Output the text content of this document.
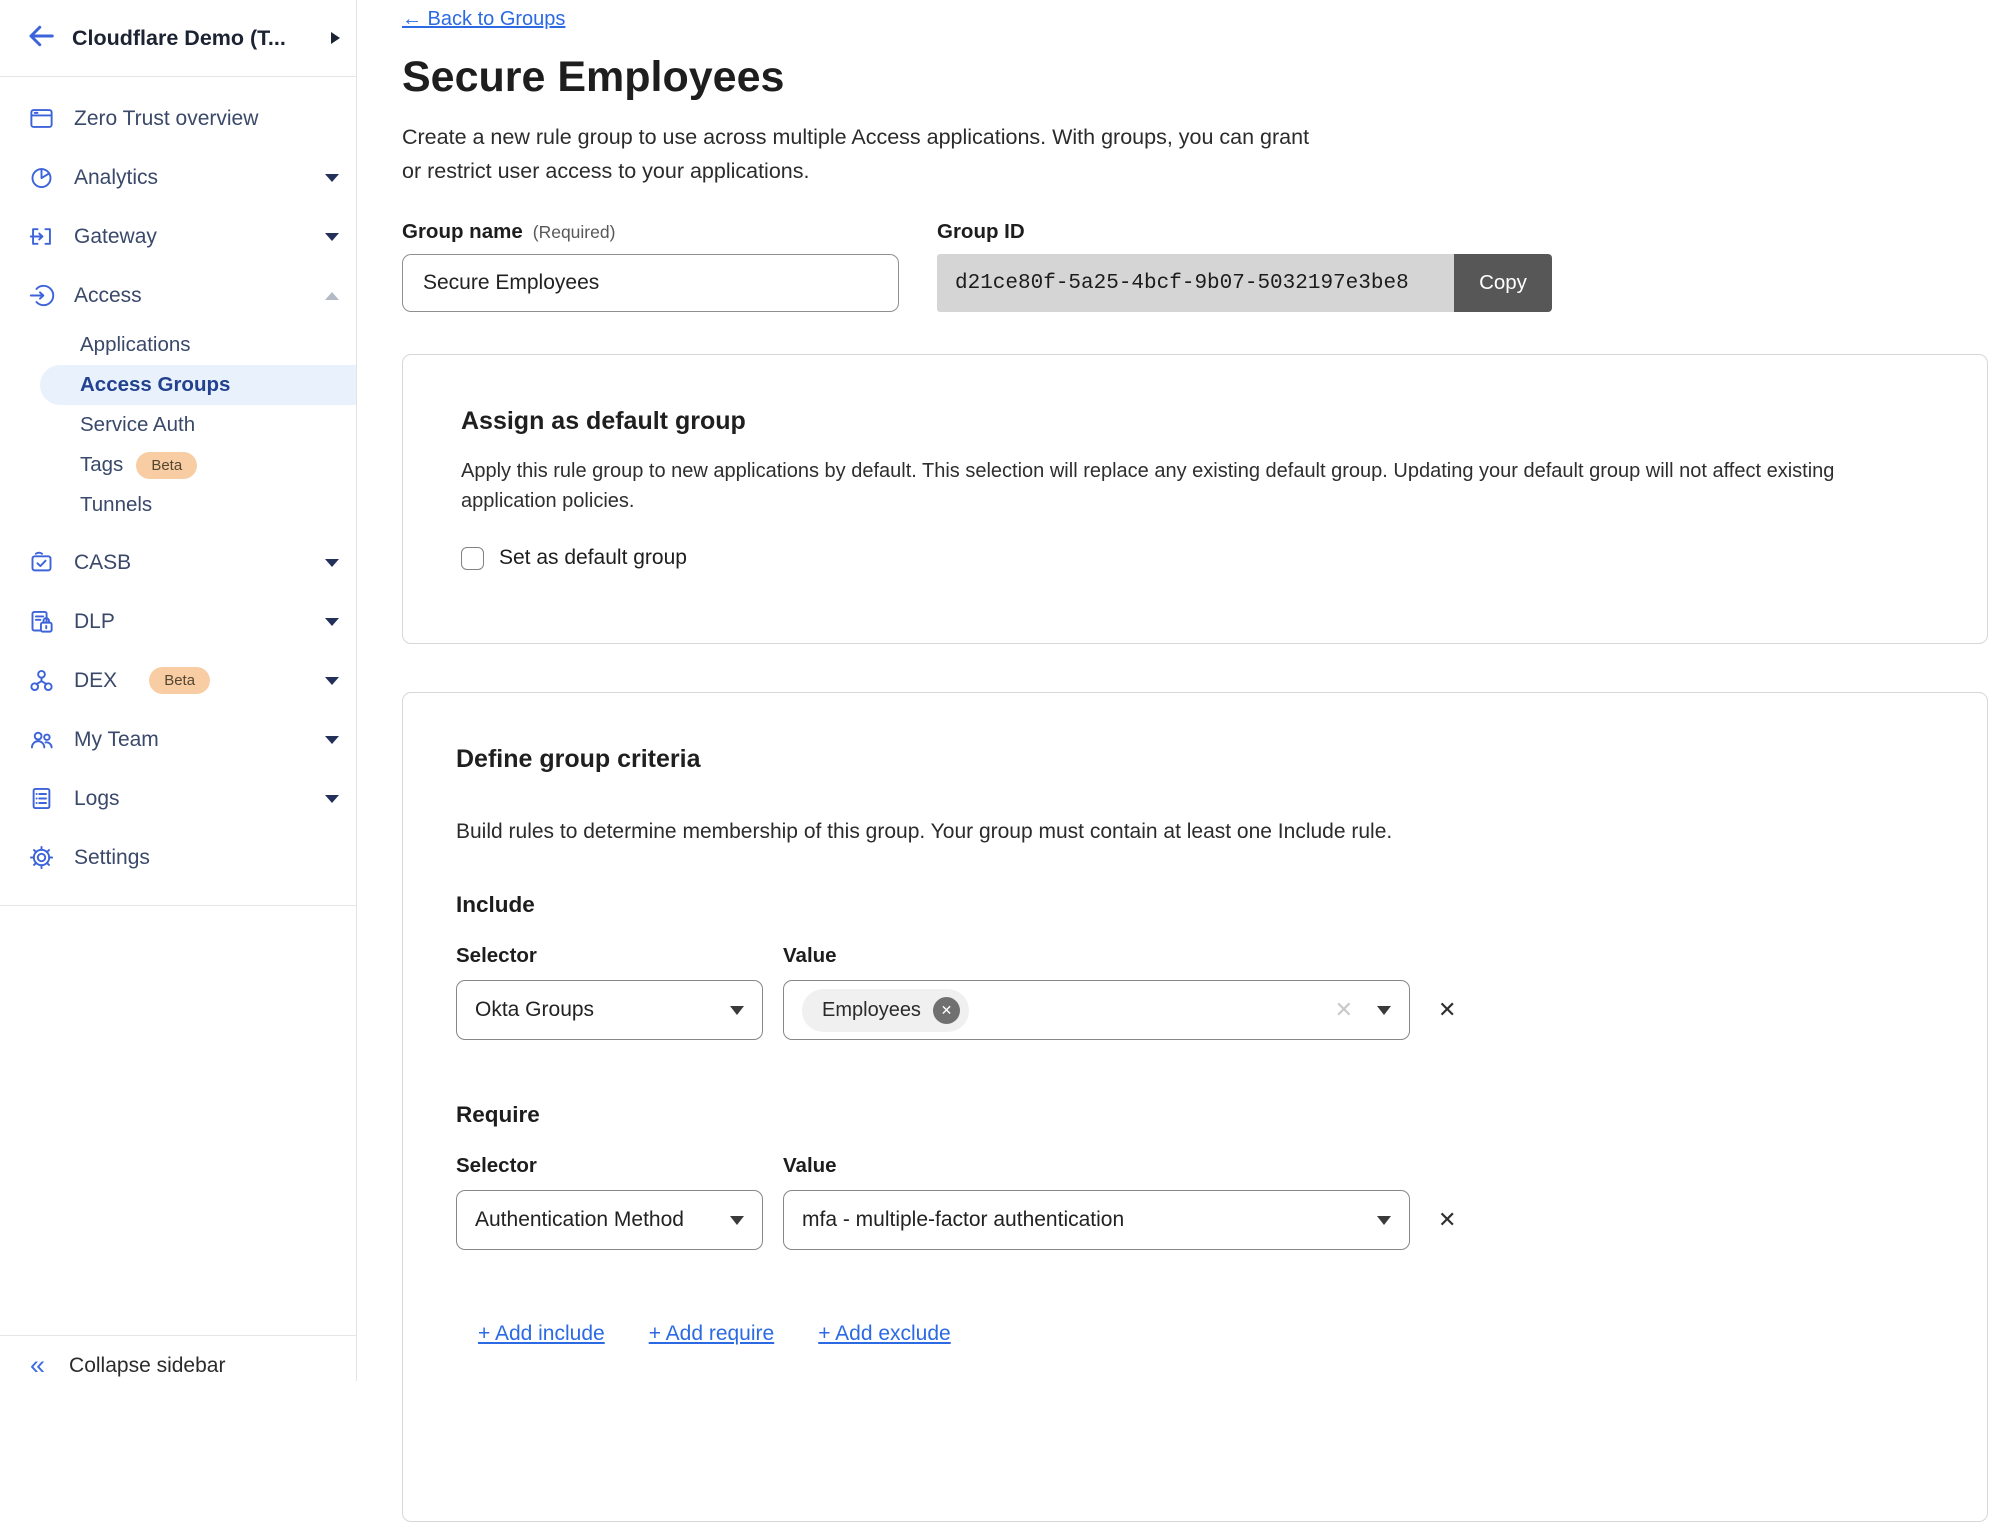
Cloudflare Demo (T...
Zero Trust overview
Analytics
Gateway
Access
Applications
Access Groups
Service Auth
Tags	Beta
Tunnels
CASB
DLP
DEX	Beta
My Team
Logs
Settings
« Collapse sidebar
← Back to Groups
Secure Employees
Create a new rule group to use across multiple Access applications. With groups, you can grant
or restrict user access to your applications.
Group name (Required)
Secure Employees	Group ID
d21ce80f-5a25-4bcf-9b07-5032197e3be8	Copy
Assign as default group
Apply this rule group to new applications by default. This selection will replace any existing default group. Updating your default group will not affect existing
application policies.
Set as default group
Define group criteria

Build rules to determine membership of this group. Your group must contain at least one Include rule.

Include
Selector	Value
Okta Groups	Employees	✕	✕	✕
Require
Selector	Value
Authentication Method	mfa - multiple-factor authentication	✕
+ Add include + Add require + Add exclude
